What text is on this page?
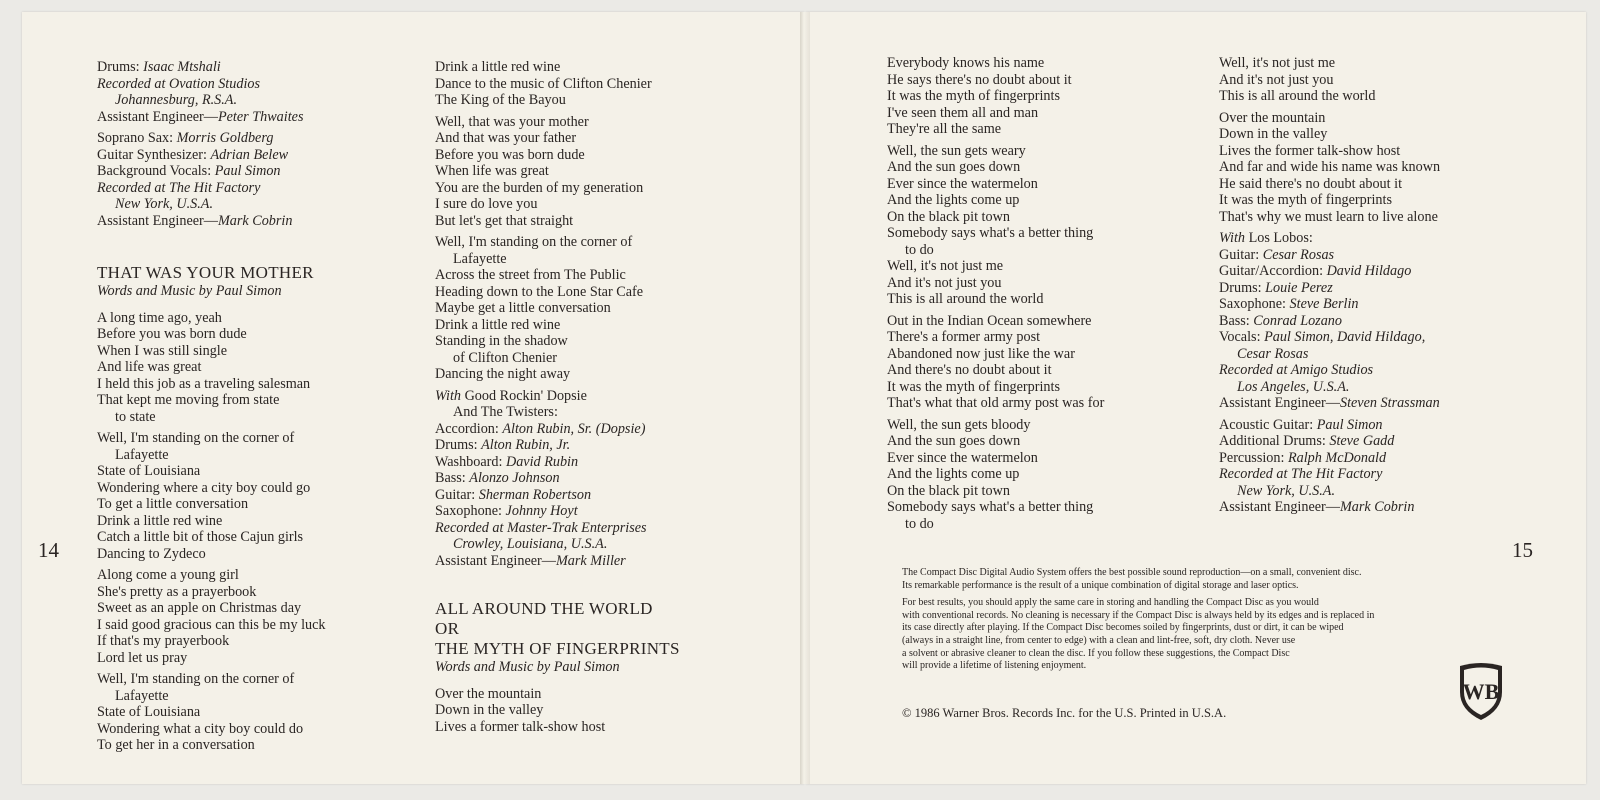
Drums: Isaac Mtshali
Recorded at Ovation Studios
Johannesburg, R.S.A.
Assistant Engineer—Peter Thwaites
Soprano Sax: Morris Goldberg
Guitar Synthesizer: Adrian Belew
Background Vocals: Paul Simon
Recorded at The Hit Factory
New York, U.S.A.
Assistant Engineer—Mark Cobrin
THAT WAS YOUR MOTHER
Words and Music by Paul Simon
A long time ago, yeah
Before you was born dude
When I was still single
And life was great
I held this job as a traveling salesman
That kept me moving from state
to state
Well, I'm standing on the corner of
Lafayette
State of Louisiana
Wondering where a city boy could go
To get a little conversation
Drink a little red wine
Catch a little bit of those Cajun girls
Dancing to Zydeco
Along come a young girl
She's pretty as a prayerbook
Sweet as an apple on Christmas day
I said good gracious can this be my luck
If that's my prayerbook
Lord let us pray
Well, I'm standing on the corner of
Lafayette
State of Louisiana
Wondering what a city boy could do
To get her in a conversation
Drink a little red wine
Dance to the music of Clifton Chenier
The King of the Bayou
Well, that was your mother
And that was your father
Before you was born dude
When life was great
You are the burden of my generation
I sure do love you
But let's get that straight
Well, I'm standing on the corner of
Lafayette
Across the street from The Public
Heading down to the Lone Star Cafe
Maybe get a little conversation
Drink a little red wine
Standing in the shadow
of Clifton Chenier
Dancing the night away
With Good Rockin' Dopsie
And The Twisters:
Accordion: Alton Rubin, Sr. (Dopsie)
Drums: Alton Rubin, Jr.
Washboard: David Rubin
Bass: Alonzo Johnson
Guitar: Sherman Robertson
Saxophone: Johnny Hoyt
Recorded at Master-Trak Enterprises
Crowley, Louisiana, U.S.A.
Assistant Engineer—Mark Miller
ALL AROUND THE WORLD
OR
THE MYTH OF FINGERPRINTS
Words and Music by Paul Simon
Over the mountain
Down in the valley
Lives a former talk-show host
14
Everybody knows his name
He says there's no doubt about it
It was the myth of fingerprints
I've seen them all and man
They're all the same
Well, the sun gets weary
And the sun goes down
Ever since the watermelon
And the lights come up
On the black pit town
Somebody says what's a better thing
to do
Well, it's not just me
And it's not just you
This is all around the world
Out in the Indian Ocean somewhere
There's a former army post
Abandoned now just like the war
And there's no doubt about it
It was the myth of fingerprints
That's what that old army post was for
Well, the sun gets bloody
And the sun goes down
Ever since the watermelon
And the lights come up
On the black pit town
Somebody says what's a better thing
to do
Well, it's not just me
And it's not just you
This is all around the world
Over the mountain
Down in the valley
Lives the former talk-show host
And far and wide his name was known
He said there's no doubt about it
It was the myth of fingerprints
That's why we must learn to live alone
With Los Lobos:
Guitar: Cesar Rosas
Guitar/Accordion: David Hildago
Drums: Louie Perez
Saxophone: Steve Berlin
Bass: Conrad Lozano
Vocals: Paul Simon, David Hildago,
Cesar Rosas
Recorded at Amigo Studios
Los Angeles, U.S.A.
Assistant Engineer—Steven Strassman
Acoustic Guitar: Paul Simon
Additional Drums: Steve Gadd
Percussion: Ralph McDonald
Recorded at The Hit Factory
New York, U.S.A.
Assistant Engineer—Mark Cobrin
15
The Compact Disc Digital Audio System offers the best possible sound reproduction—on a small, convenient disc.
Its remarkable performance is the result of a unique combination of digital storage and laser optics.
For best results, you should apply the same care in storing and handling the Compact Disc as you would
with conventional records. No cleaning is necessary if the Compact Disc is always held by its edges and is replaced in
its case directly after playing. If the Compact Disc becomes soiled by fingerprints, dust or dirt, it can be wiped
(always in a straight line, from center to edge) with a clean and lint-free, soft, dry cloth. Never use
a solvent or abrasive cleaner to clean the disc. If you follow these suggestions, the Compact Disc
will provide a lifetime of listening enjoyment.
© 1986 Warner Bros. Records Inc. for the U.S. Printed in U.S.A.
WB
